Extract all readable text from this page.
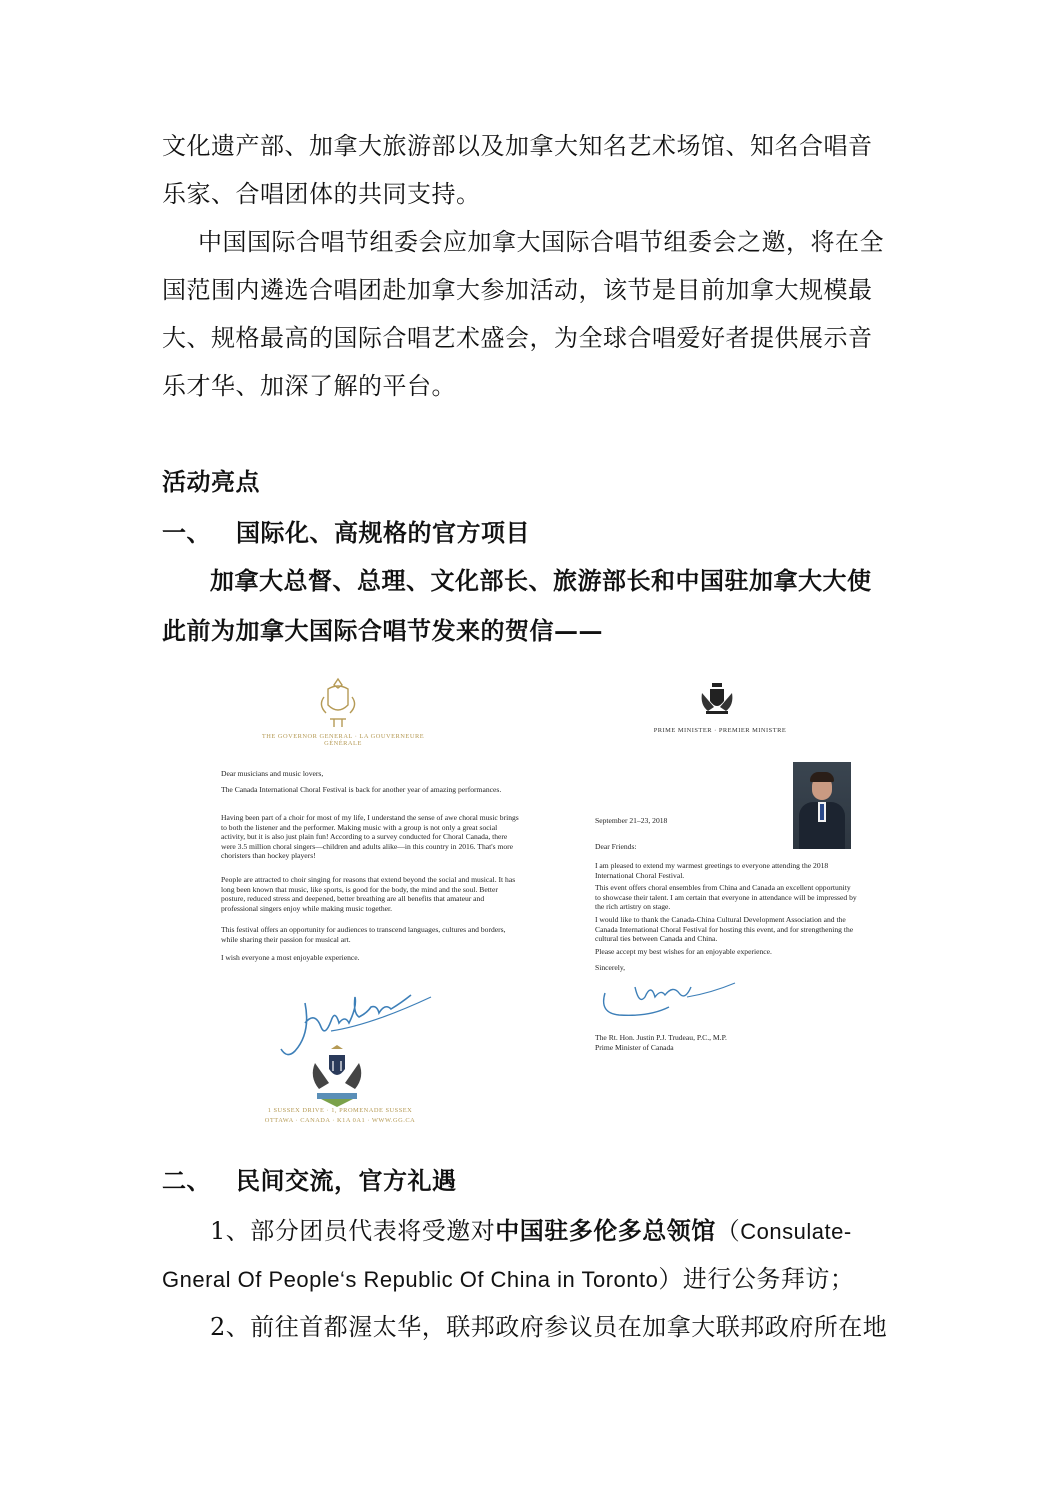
文化遗产部、加拿大旅游部以及加拿大知名艺术场馆、知名合唱音
乐家、合唱团体的共同支持。
中国国际合唱节组委会应加拿大国际合唱节组委会之邀，将在全
国范围内遴选合唱团赴加拿大参加活动，该节是目前加拿大规模最
大、规格最高的国际合唱艺术盛会，为全球合唱爱好者提供展示音
乐才华、加深了解的平台。
活动亮点
一、 国际化、高规格的官方项目
加拿大总督、总理、文化部长、旅游部长和中国驻加拿大大使
此前为加拿大国际合唱节发来的贺信——
THE GOVERNOR GENERAL · LA GOUVERNEURE GÉNÉRALE
Dear musicians and music lovers,
The Canada International Choral Festival is back for another year of amazing performances.
Having been part of a choir for most of my life, I understand the sense of awe choral music brings to both the listener and the performer. Making music with a group is not only a great social activity, but it is also just plain fun! According to a survey conducted for Choral Canada, there were 3.5 million choral singers—children and adults alike—in this country in 2016. That's more choristers than hockey players!
People are attracted to choir singing for reasons that extend beyond the social and musical. It has long been known that music, like sports, is good for the body, the mind and the soul. Better posture, reduced stress and deepened, better breathing are all benefits that amateur and professional singers enjoy while making music together.
This festival offers an opportunity for audiences to transcend languages, cultures and borders, while sharing their passion for musical art.
I wish everyone a most enjoyable experience.
1 SUSSEX DRIVE · 1, PROMENADE SUSSEX
OTTAWA · CANADA · K1A 0A1 · WWW.GG.CA
PRIME MINISTER · PREMIER MINISTRE
September 21–23, 2018
Dear Friends:
I am pleased to extend my warmest greetings to everyone attending the 2018 International Choral Festival.
This event offers choral ensembles from China and Canada an excellent opportunity to showcase their talent. I am certain that everyone in attendance will be impressed by the rich artistry on stage.
I would like to thank the Canada-China Cultural Development Association and the Canada International Choral Festival for hosting this event, and for strengthening the cultural ties between Canada and China.
Please accept my best wishes for an enjoyable experience.
Sincerely,
The Rt. Hon. Justin P.J. Trudeau, P.C., M.P.
Prime Minister of Canada
二、 民间交流，官方礼遇
1、部分团员代表将受邀对中国驻多伦多总领馆（Consulate-
Gneral Of People‘s Republic Of China in Toronto）进行公务拜访；
2、前往首都渥太华，联邦政府参议员在加拿大联邦政府所在地
